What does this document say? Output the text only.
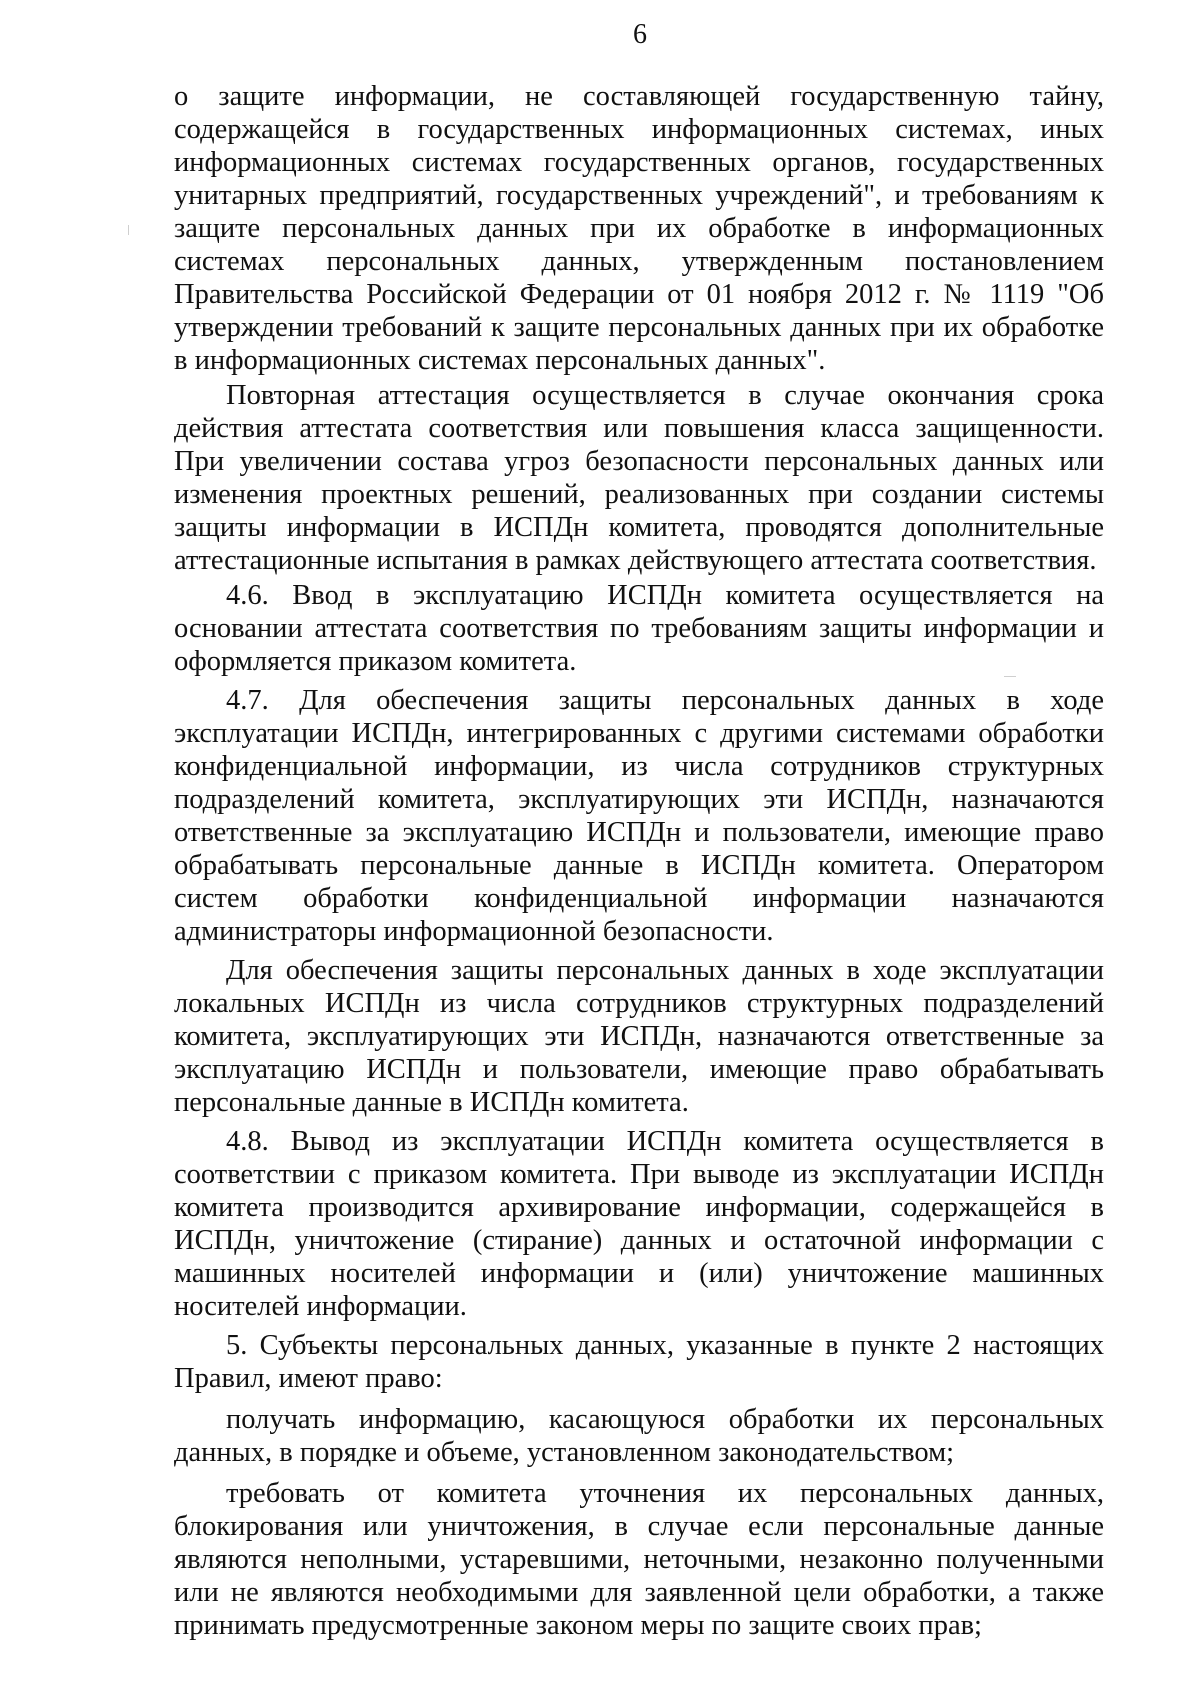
6

о защите информации, не составляющей государственную тайну, содержащейся в государственных информационных системах, иных информационных системах государственных органов, государственных унитарных предприятий, государственных учреждений", и требованиям к защите персональных данных при их обработке в информационных системах персональных данных, утвержденным постановлением Правительства Российской Федерации от 01 ноября 2012 г. № 1119 "Об утверждении требований к защите персональных данных при их обработке в информационных системах персональных данных".

Повторная аттестация осуществляется в случае окончания срока действия аттестата соответствия или повышения класса защищенности. При увеличении состава угроз безопасности персональных данных или изменения проектных решений, реализованных при создании системы защиты информации в ИСПДн комитета, проводятся дополнительные аттестационные испытания в рамках действующего аттестата соответствия.

4.6. Ввод в эксплуатацию ИСПДн комитета осуществляется на основании аттестата соответствия по требованиям защиты информации и оформляется приказом комитета.

4.7. Для обеспечения защиты персональных данных в ходе эксплуатации ИСПДн, интегрированных с другими системами обработки конфиденциальной информации, из числа сотрудников структурных подразделений комитета, эксплуатирующих эти ИСПДн, назначаются ответственные за эксплуатацию ИСПДн и пользователи, имеющие право обрабатывать персональные данные в ИСПДн комитета. Оператором систем обработки конфиденциальной информации назначаются администраторы информационной безопасности.

Для обеспечения защиты персональных данных в ходе эксплуатации локальных ИСПДн из числа сотрудников структурных подразделений комитета, эксплуатирующих эти ИСПДн, назначаются ответственные за эксплуатацию ИСПДн и пользователи, имеющие право обрабатывать персональные данные в ИСПДн комитета.

4.8. Вывод из эксплуатации ИСПДн комитета осуществляется в соответствии с приказом комитета. При выводе из эксплуатации ИСПДн комитета производится архивирование информации, содержащейся в ИСПДн, уничтожение (стирание) данных и остаточной информации с машинных носителей информации и (или) уничтожение машинных носителей информации.

5. Субъекты персональных данных, указанные в пункте 2 настоящих Правил, имеют право:

получать информацию, касающуюся обработки их персональных данных, в порядке и объеме, установленном законодательством;

требовать от комитета уточнения их персональных данных, блокирования или уничтожения, в случае если персональные данные являются неполными, устаревшими, неточными, незаконно полученными или не являются необходимыми для заявленной цели обработки, а также принимать предусмотренные законом меры по защите своих прав;
